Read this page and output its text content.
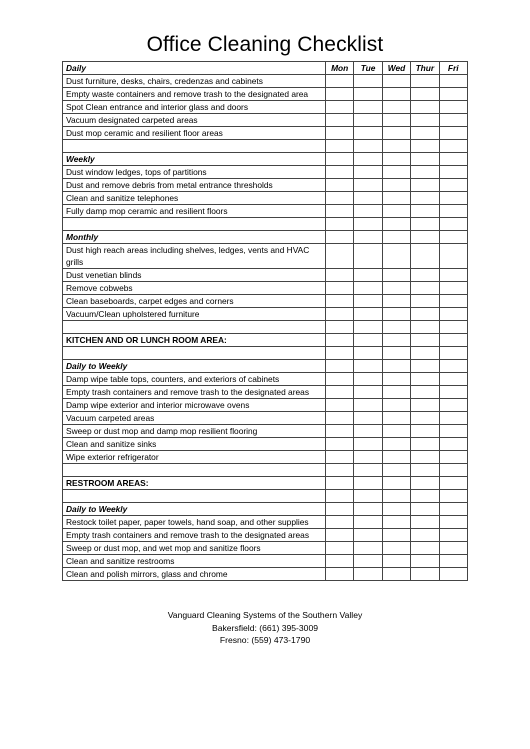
Office Cleaning Checklist
Daily	Mon	Tue	Wed	Thur	Fri
Dust furniture, desks, chairs, credenzas and cabinets					
Empty waste containers and remove trash to the designated area					
Spot Clean entrance and interior glass and doors					
Vacuum designated carpeted areas					
Dust mop ceramic and resilient floor areas					

Weekly					
Dust window ledges, tops of partitions					
Dust and remove debris from metal entrance thresholds					
Clean and sanitize telephones					
Fully damp mop ceramic and resilient floors					

Monthly					
Dust high reach areas including shelves, ledges, vents and HVAC grills					
Dust venetian blinds					
Remove cobwebs					
Clean baseboards, carpet edges and corners					
Vacuum/Clean upholstered furniture					

KITCHEN AND OR LUNCH ROOM AREA:					

Daily to Weekly					
Damp wipe table tops, counters, and exteriors of cabinets					
Empty trash containers and remove trash to the designated areas					
Damp wipe exterior and interior microwave ovens					
Vacuum carpeted areas					
Sweep or dust mop and damp mop resilient flooring					
Clean and sanitize sinks					
Wipe exterior refrigerator					

RESTROOM AREAS:					

Daily to Weekly					
Restock toilet paper, paper towels, hand soap, and other supplies					
Empty trash containers and remove trash to the designated areas					
Sweep or dust mop, and wet mop and sanitize floors					
Clean and sanitize restrooms					
Clean and polish mirrors, glass and chrome					
Vanguard Cleaning Systems of the Southern Valley
Bakersfield: (661) 395-3009
Fresno: (559) 473-1790
